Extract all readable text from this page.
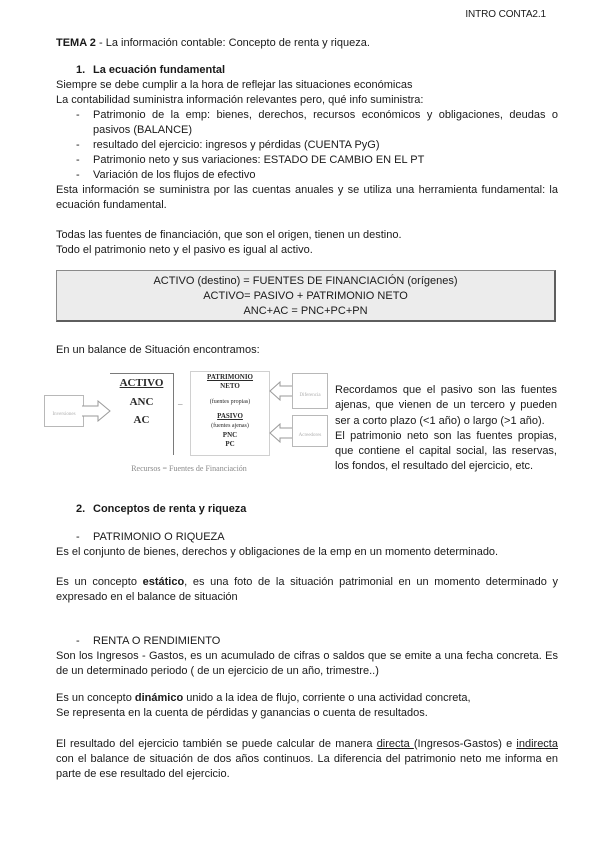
INTRO CONTA2.1
TEMA 2 - La información contable: Concepto de renta y riqueza.
1. La ecuación fundamental
Siempre se debe cumplir a la hora de reflejar las situaciones económicas
La contabilidad suministra información relevantes pero, qué info suministra:
- Patrimonio de la emp: bienes, derechos, recursos económicos y obligaciones, deudas o
pasivos (BALANCE)
- resultado del ejercicio: ingresos y pérdidas (CUENTA PyG)
- Patrimonio neto y sus variaciones: ESTADO DE CAMBIO EN EL PT
- Variación de los flujos de efectivo
Esta información se suministra por las cuentas anuales y se utiliza una herramienta fundamental: la
ecuación fundamental.
Todas las fuentes de financiación, que son el origen, tienen un destino.
Todo el patrimonio neto y el pasivo es igual al activo.
ACTIVO (destino) = FUENTES DE FINANCIACIÓN (orígenes)
ACTIVO= PASIVO + PATRIMONIO NETO
ANC+AC = PNC+PC+PN
En un balance de Situación encontramos:
Inversiones
ACTIVO
ANC
AC
–
PATRIMONIO
NETO
(fuentes propias)
PASIVO
(fuentes ajenas)
PNC
PC
Diferencia
Acreedores
Recursos = Fuentes de Financiación
Recordamos que el pasivo son las fuentes
ajenas, que vienen de un tercero y pueden
ser a corto plazo (<1 año) o largo (>1 año).
El patrimonio neto son las fuentes propias,
que contiene el capital social, las reservas,
los fondos, el resultado del ejercicio, etc.
2. Conceptos de renta y riqueza
- PATRIMONIO O RIQUEZA
Es el conjunto de bienes, derechos y obligaciones de la emp en un momento determinado.
Es un concepto estático, es una foto de la situación patrimonial en un momento determinado y
expresado en el balance de situación
- RENTA O RENDIMIENTO
Son los Ingresos - Gastos, es un acumulado de cifras o saldos que se emite a una fecha concreta. Es
de un determinado periodo ( de un ejercicio de un año, trimestre..)
Es un concepto dinámico unido a la idea de flujo, corriente o una actividad concreta,
Se representa en la cuenta de pérdidas y ganancias o cuenta de resultados.
El resultado del ejercicio también se puede calcular de manera directa (Ingresos-Gastos) e indirecta
con el balance de situación de dos años continuos. La diferencia del patrimonio neto me informa en
parte de ese resultado del ejercicio.
